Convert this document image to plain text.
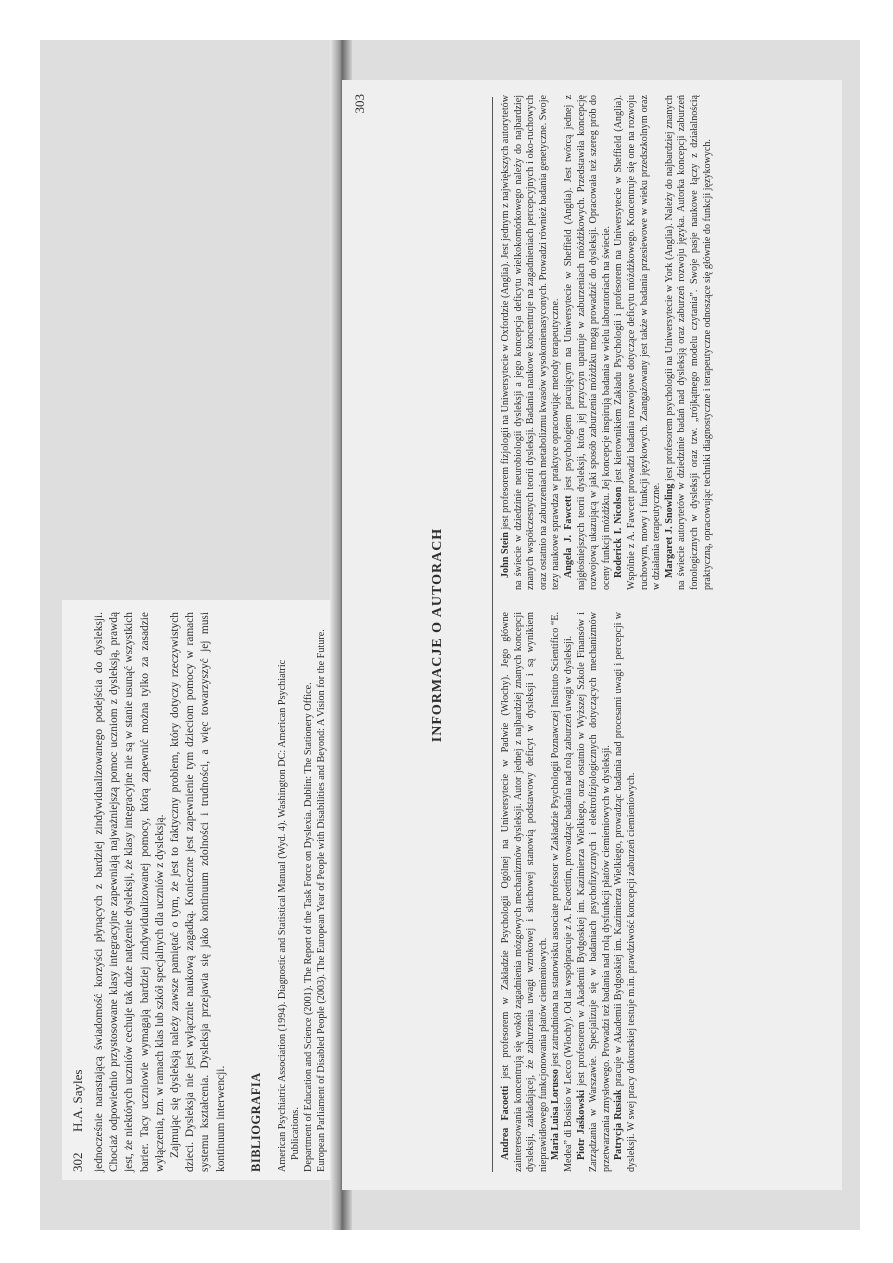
302
H.A. Sayles jednocześnie narastającą świadomość korzyści płynących z bardziej zindywidualizowanego podejścia do dysleksji. Chociaż odpowiednio przystosowane klasy integracyjne zapewniają najważniejszą pomoc uczniom z dysleksją, prawdą jest, że niektórych uczniów cechuje tak duże natężenie dysleksji, że klasy integracyjne nie są w stanie usunąć wszystkich barier. Tacy uczniowie wymagają bardziej zindywidualizowanej pomocy, którą zapewnić można tylko za zasadzie wyłączenia, tzn. w ramach klas lub szkół specjalnych dla uczniów z dysleksją. Zajmując się dysleksją należy zawsze pamiętać o tym, że jest to faktyczny problem, który dotyczy rzeczywistych dzieci. Dysleksja nie jest wyłącznie naukową zagadką. Konieczne jest zapewnienie tym dzieciom pomocy w ramach systemu kształcenia. Dysleksja przejawia się jako kontinuum zdolności i trudności, a więc towarzyszyć jej musi kontinuum interwencji. BIBLIOGRAFIA American Psychiatric Association (1994). Diagnostic and Statistical Manual (Wyd. 4). Washington DC: American Psychiatric Publications. Department of Education and Science (2001). The Report of the Task Force on Dyslexia. Dublin: The Stationery Office. European Parliament of Disabled People (2003). The European Year of People with Disabilities and Beyond: A Vision for the Future.

303
INFORMACJE O AUTORACH	John Stein jest profesorem fizjologii na Uniwersytecie w Oxfordzie (Anglia). Jest jednym z największych autorytetów na świecie w dziedzinie neurobiologii dysleksji a jego koncepcja deficytu wielkokomórkowego należy do najbardziej znanych współczesnych teorii dysleksji. Badania naukowe koncentruje na zagadnieniach percepcyjnych i oko-ruchowych oraz ostatnio na zaburzeniach metabolizmu kwasów wysokonienasyconych. Prowadzi również badania genetyczne. Swoje tezy naukowe sprawdza w praktyce opracowując metody terapeutyczne. Angela J. Fawcett jest psychologiem pracującym na Uniwersytecie w Sheffield (Anglia). Jest twórcą jednej z najgłośniejszych teorii dysleksji, która jej przyczyn upatruje w zaburzeniach móżdżkowych. Przedstawiła koncepcję rozwojową ukazującą w jaki sposób zaburzenia móżdżku mogą prowadzić do dysleksji. Opracowała też szereg prób do oceny funkcji móżdżku. Jej koncepcje inspirują badania w wielu laboratoriach na świecie. Roderick I. Nicolson jest kierownikiem Zakładu Psychologii i profesorem na Uniwersytecie w Sheffield (Anglia). Wspólnie z A. Fawcett prowadzi badania rozwojowe dotyczące deficytu móżdżkowego. Koncentruje się one na rozwoju ruchowym, mowy i funkcji językowych. Zaangażowany jest także w badania przesiewowe w wieku przedszkolnym oraz w działania terapeutyczne. Margaret J. Snowling jest profesorem psychologii na Uniwersytecie w York (Anglia). Należy do najbardziej znanych na świecie autorytetów w dziedzinie badań nad dysleksją oraz zaburzeń rozwoju języka. Autorka koncepcji zaburzeń fonologicznych w dysleksji oraz tzw. „trójkątnego modelu czytania”. Swoje pasje naukowe łączy z działalnością praktyczną, opracowując techniki diagnostyczne i terapeutyczne odnoszące się głównie do funkcji językowych.

Andrea Facoetti jest profesorem w Zakładzie Psychologii Ogólnej na Uniwersytecie w Padwie (Włochy). Jego główne zainteresowania koncentrują się wokół zagadnienia mózgowych mechanizmów dysleksji. Autor jednej z najbardziej znanych koncepcji dysleksji, zakładającej, że zaburzenia uwagi wzrokowej i słuchowej stanowią podstawowy deficyt w dysleksji i są wynikiem nieprawidłowego funkcjonowania płatów ciemieniowych. Maria Luisa Lorusso jest zatrudniona na stanowisku associate professor w Zakładzie Psychologii Poznawczej Instituto Scientifico “E. Medea” di Bosisio w Lecco (Włochy). Od lat współpracuje z A. Facoettim, prowadząc badania nad rolą zaburzeń uwagi w dysleksji. Piotr Jaśkowski jest profesorem w Akademii Bydgoskiej im. Kazimierza Wielkiego, oraz ostatnio w Wyższej Szkole Finansów i Zarządzania w Warszawie. Specjalizuje się w badaniach psychofizycznych i elektrofizjologicznych dotyczących mechanizmów przetwarzania zmysłowego. Prowadzi też badania nad rolą dysfunkcji płatów ciemieniowych w dysleksji. Patrycja Rusiak pracuje w Akademii Bydgoskiej im. Kazimierza Wielkiego, prowadząc badania nad procesami uwagi i percepcji w dysleksji. W swej pracy doktorskiej testuje m.in. prawdziwość koncepcji zaburzeń ciemieniowych.
